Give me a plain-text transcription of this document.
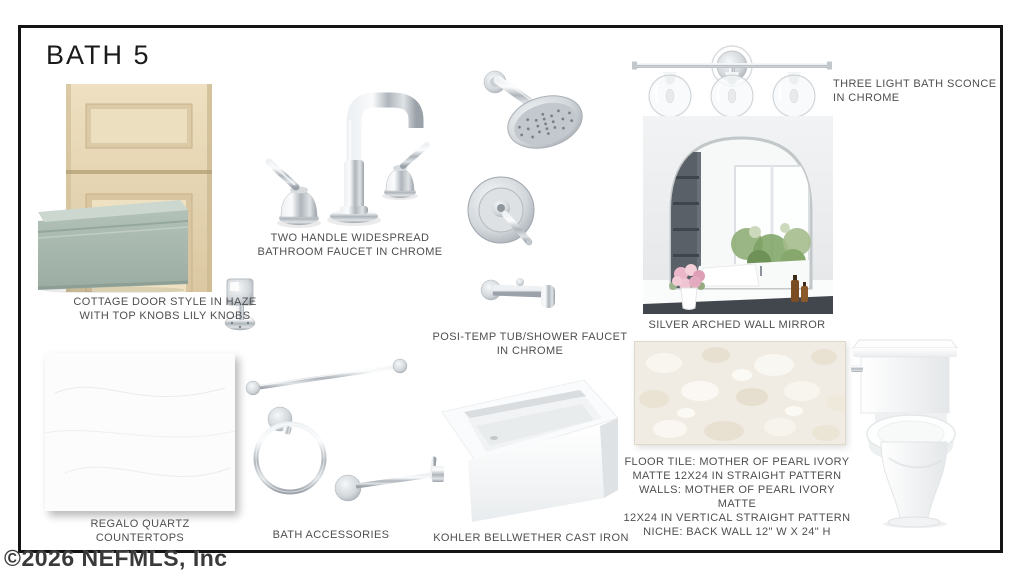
BATH 5
COTTAGE DOOR STYLE IN HAZE
WITH TOP KNOBS LILY KNOBS
TWO HANDLE WIDESPREAD
BATHROOM FAUCET IN CHROME
POSI-TEMP TUB/SHOWER FAUCET
IN CHROME
THREE LIGHT BATH SCONCE
IN CHROME
SILVER ARCHED WALL MIRROR
REGALO QUARTZ
COUNTERTOPS	BATH ACCESSORIES	KOHLER BELLWETHER CAST IRON
FLOOR TILE: MOTHER OF PEARL IVORY
MATTE 12X24 IN STRAIGHT PATTERN
WALLS: MOTHER OF PEARL IVORY MATTE
12X24 IN VERTICAL STRAIGHT PATTERN
NICHE: BACK WALL 12" W X 24" H
©2026 NEFMLS, Inc
